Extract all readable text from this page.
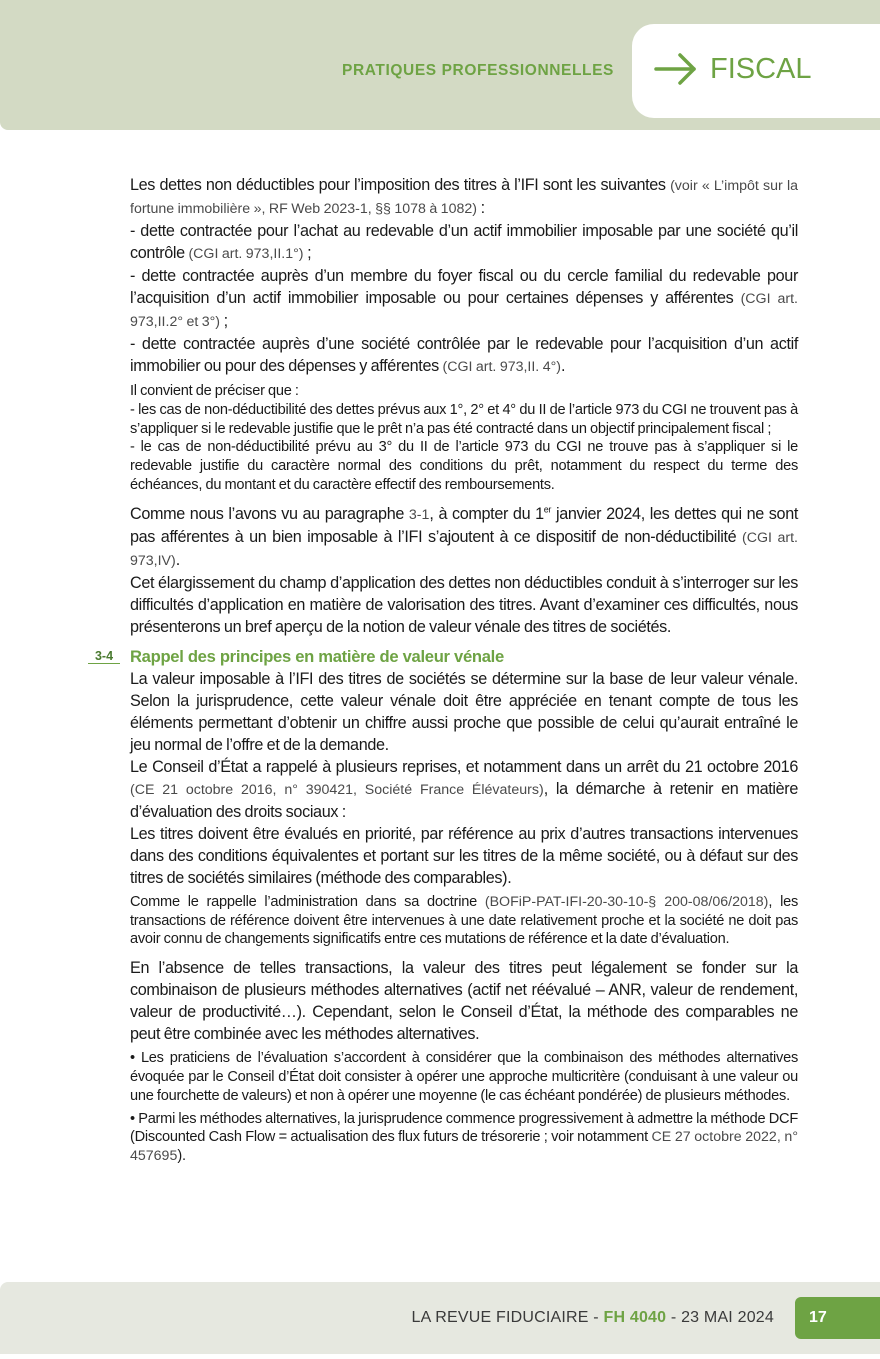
PRATIQUES PROFESSIONNELLES	FISCAL

Les dettes non déductibles pour l’imposition des titres à l’IFI sont les suivantes (voir « L’impôt sur la fortune immobilière », RF Web 2023-1, §§ 1078 à 1082) :

- dette contractée pour l’achat au redevable d’un actif immobilier imposable par une société qu’il contrôle (CGI art. 973,II.1°) ;

- dette contractée auprès d’un membre du foyer fiscal ou du cercle familial du redevable pour l’acquisition d’un actif immobilier imposable ou pour certaines dépenses y afférentes (CGI art. 973,II.2° et 3°) ;

- dette contractée auprès d’une société contrôlée par le redevable pour l’acquisition d’un actif immobilier ou pour des dépenses y afférentes (CGI art. 973,II. 4°).

Il convient de préciser que :

- les cas de non-déductibilité des dettes prévus aux 1°, 2° et 4° du II de l’article 973 du CGI ne trouvent pas à s’appliquer si le redevable justifie que le prêt n’a pas été contracté dans un objectif principalement fiscal ;

- le cas de non-déductibilité prévu au 3° du II de l’article 973 du CGI ne trouve pas à s’appliquer si le redevable justifie du caractère normal des conditions du prêt, notamment du respect du terme des échéances, du montant et du caractère effectif des remboursements.

Comme nous l’avons vu au paragraphe 3-1, à compter du 1er janvier 2024, les dettes qui ne sont pas afférentes à un bien imposable à l’IFI s’ajoutent à ce dispositif de non-déductibilité (CGI art. 973,IV).

Cet élargissement du champ d’application des dettes non déductibles conduit à s’interroger sur les difficultés d’application en matière de valorisation des titres. Avant d’examiner ces difficultés, nous présenterons un bref aperçu de la notion de valeur vénale des titres de sociétés.

3-4	Rappel des principes en matière de valeur vénale

La valeur imposable à l’IFI des titres de sociétés se détermine sur la base de leur valeur vénale. Selon la jurisprudence, cette valeur vénale doit être appréciée en tenant compte de tous les éléments permettant d’obtenir un chiffre aussi proche que possible de celui qu’aurait entraîné le jeu normal de l’offre et de la demande.

Le Conseil d’État a rappelé à plusieurs reprises, et notamment dans un arrêt du 21 octobre 2016 (CE 21 octobre 2016, n° 390421, Société France Élévateurs), la démarche à retenir en matière d’évaluation des droits sociaux :

Les titres doivent être évalués en priorité, par référence au prix d’autres transactions intervenues dans des conditions équivalentes et portant sur les titres de la même société, ou à défaut sur des titres de sociétés similaires (méthode des comparables).

Comme le rappelle l’administration dans sa doctrine (BOFiP-PAT-IFI-20-30-10-§ 200-08/06/2018), les transactions de référence doivent être intervenues à une date relativement proche et la société ne doit pas avoir connu de changements significatifs entre ces mutations de référence et la date d’évaluation.

En l’absence de telles transactions, la valeur des titres peut légalement se fonder sur la combinaison de plusieurs méthodes alternatives (actif net réévalué – ANR, valeur de rendement, valeur de productivité…). Cependant, selon le Conseil d’État, la méthode des comparables ne peut être combinée avec les méthodes alternatives.

• Les praticiens de l’évaluation s’accordent à considérer que la combinaison des méthodes alternatives évoquée par le Conseil d’État doit consister à opérer une approche multicritère (conduisant à une valeur ou une fourchette de valeurs) et non à opérer une moyenne (le cas échéant pondérée) de plusieurs méthodes.

• Parmi les méthodes alternatives, la jurisprudence commence progressivement à admettre la méthode DCF (Discounted Cash Flow = actualisation des flux futurs de trésorerie ; voir notamment CE 27 octobre 2022, n° 457695).

LA REVUE FIDUCIAIRE - FH 4040 - 23 MAI 2024	17
